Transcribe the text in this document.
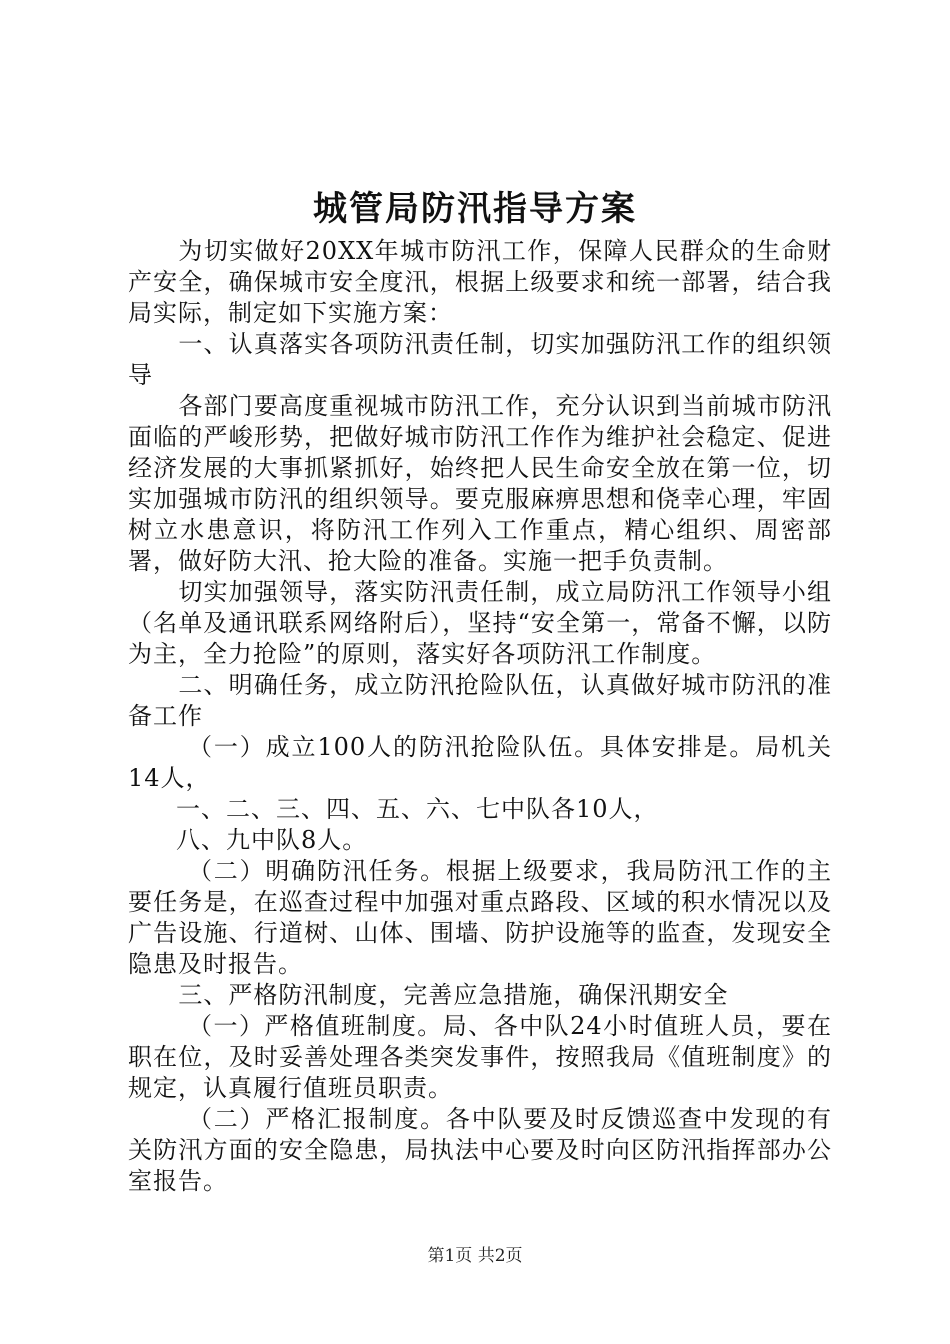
城管局防汛指导方案

为切实做好20XX年城市防汛工作，保障人民群众的生命财产安全，确保城市安全度汛，根据上级要求和统一部署，结合我局实际，制定如下实施方案：

一、认真落实各项防汛责任制，切实加强防汛工作的组织领导

各部门要高度重视城市防汛工作，充分认识到当前城市防汛面临的严峻形势，把做好城市防汛工作作为维护社会稳定、促进经济发展的大事抓紧抓好，始终把人民生命安全放在第一位，切实加强城市防汛的组织领导。要克服麻痹思想和侥幸心理，牢固树立水患意识，将防汛工作列入工作重点，精心组织、周密部署，做好防大汛、抢大险的准备。实施一把手负责制。

切实加强领导，落实防汛责任制，成立局防汛工作领导小组（名单及通讯联系网络附后），坚持“安全第一，常备不懈，以防为主，全力抢险”的原则，落实好各项防汛工作制度。

二、明确任务，成立防汛抢险队伍，认真做好城市防汛的准备工作

（一）成立100人的防汛抢险队伍。具体安排是。局机关14人，

一、二、三、四、五、六、七中队各10人，

八、九中队8人。

（二）明确防汛任务。根据上级要求，我局防汛工作的主要任务是，在巡查过程中加强对重点路段、区域的积水情况以及广告设施、行道树、山体、围墙、防护设施等的监查，发现安全隐患及时报告。

三、严格防汛制度，完善应急措施，确保汛期安全

（一）严格值班制度。局、各中队24小时值班人员，要在职在位，及时妥善处理各类突发事件，按照我局《值班制度》的规定，认真履行值班员职责。

（二）严格汇报制度。各中队要及时反馈巡查中发现的有关防汛方面的安全隐患，局执法中心要及时向区防汛指挥部办公室报告。

第1页 共2页
